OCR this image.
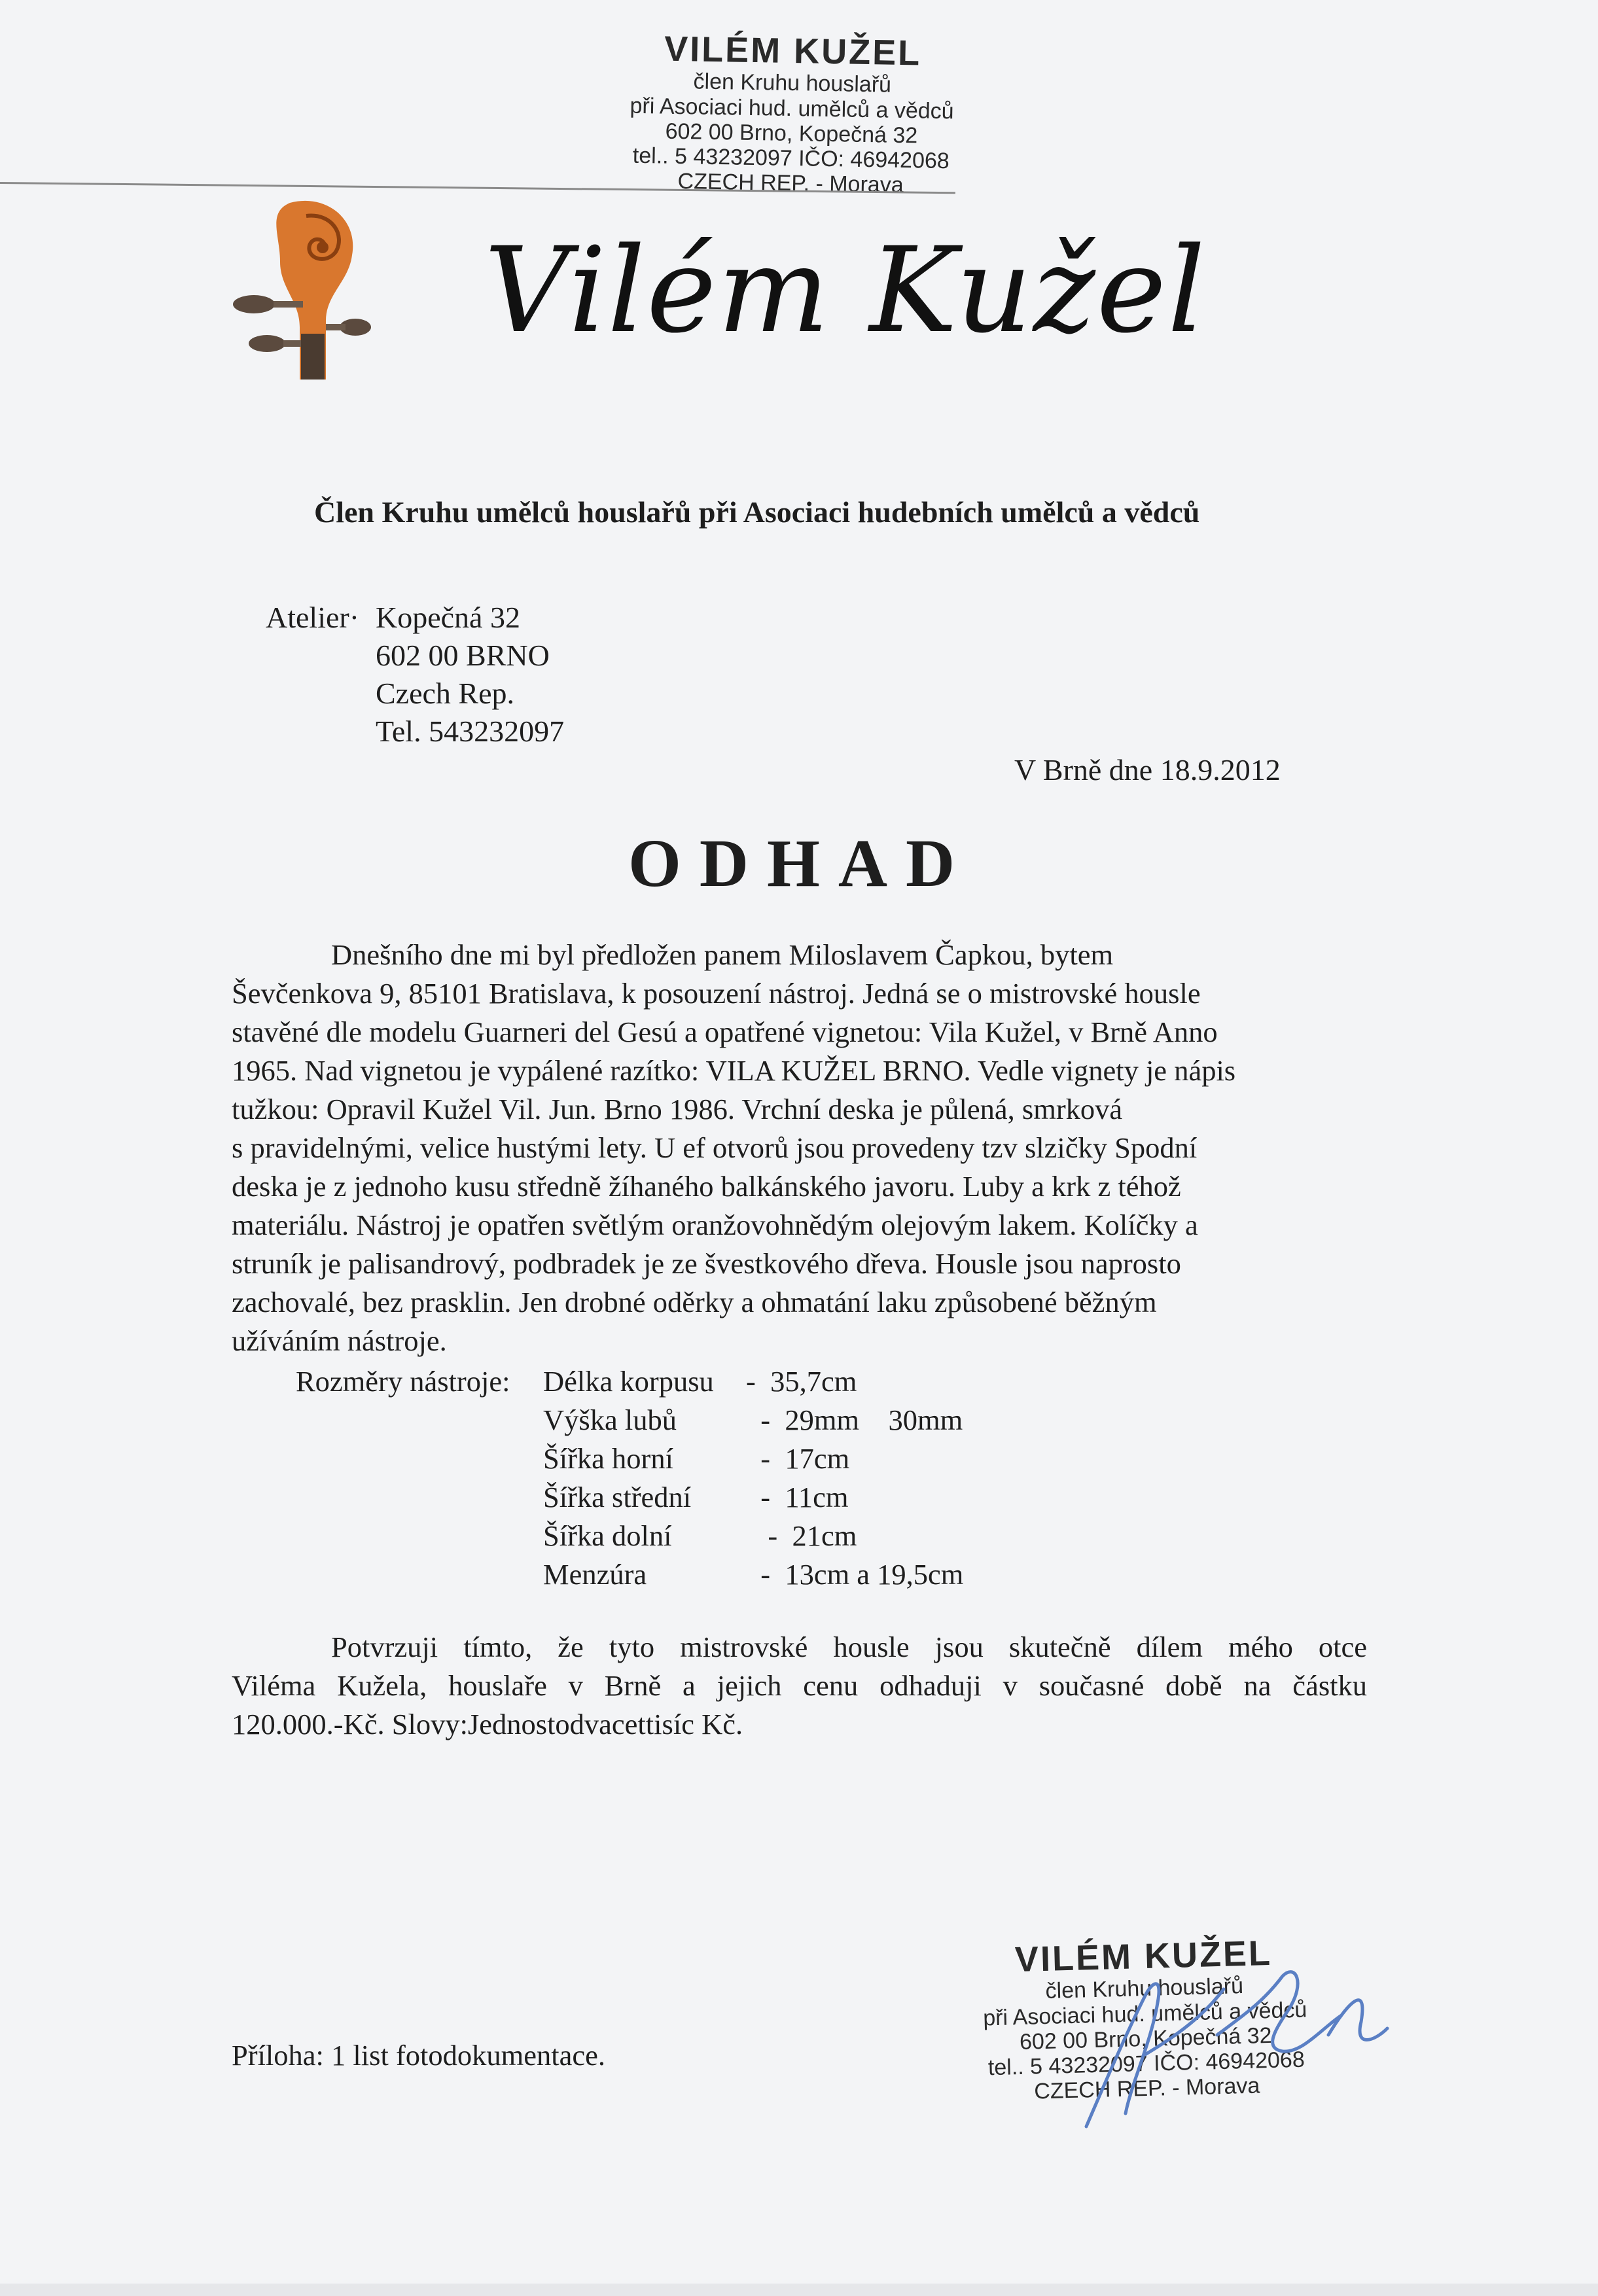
VILÉM KUŽEL
člen Kruhu houslařů
při Asociaci hud. umělců a vědců
602 00 Brno, Kopečná 32
tel.. 5 43232097 IČO: 46942068
CZECH REP. - Morava
Vilém Kužel
Člen Kruhu umělců houslařů při Asociaci hudebních umělců a vědců
Atelier· Kopečná 32
602 00 BRNO
Czech Rep.
Tel. 543232097
V Brně dne 18.9.2012
ODHAD
Dnešního dne mi byl předložen panem Miloslavem Čapkou, bytem
Ševčenkova 9, 85101 Bratislava, k posouzení nástroj. Jedná se o mistrovské housle
stavěné dle modelu Guarneri del Gesú a opatřené vignetou: Vila Kužel, v Brně Anno
1965. Nad vignetou je vypálené razítko: VILA KUŽEL BRNO. Vedle vignety je nápis
tužkou: Opravil Kužel Vil. Jun. Brno 1986. Vrchní deska je půlená, smrková
s pravidelnými, velice hustými lety. U ef otvorů jsou provedeny tzv slzičky Spodní
deska je z jednoho kusu středně žíhaného balkánského javoru. Luby a krk z téhož
materiálu. Nástroj je opatřen světlým oranžovohnědým olejovým lakem. Kolíčky a
struník je palisandrový, podbradek je ze švestkového dřeva. Housle jsou naprosto
zachovalé, bez prasklin. Jen drobné oděrky a ohmatání laku způsobené běžným
užíváním nástroje.
Rozměry nástroje:	Délka korpusu	-  35,7cm
	Výška lubů	-  29mm    30mm
	Šířka horní	-  17cm
	Šířka střední	-  11cm
	Šířka dolní	-  21cm
	Menzúra	-  13cm a 19,5cm
Potvrzuji tímto, že tyto mistrovské housle jsou skutečně dílem mého otce
Viléma Kužela, houslaře v Brně a jejich cenu odhaduji v současné době na částku
120.000.-Kč. Slovy:Jednostodvacettisíc Kč.
Příloha: 1 list fotodokumentace.
VILÉM KUŽEL
člen Kruhu houslařů
při Asociaci hud. umělců a vědců
602 00 Brno, Kopečná 32
tel.. 5 43232097 IČO: 46942068
CZECH REP. - Morava
